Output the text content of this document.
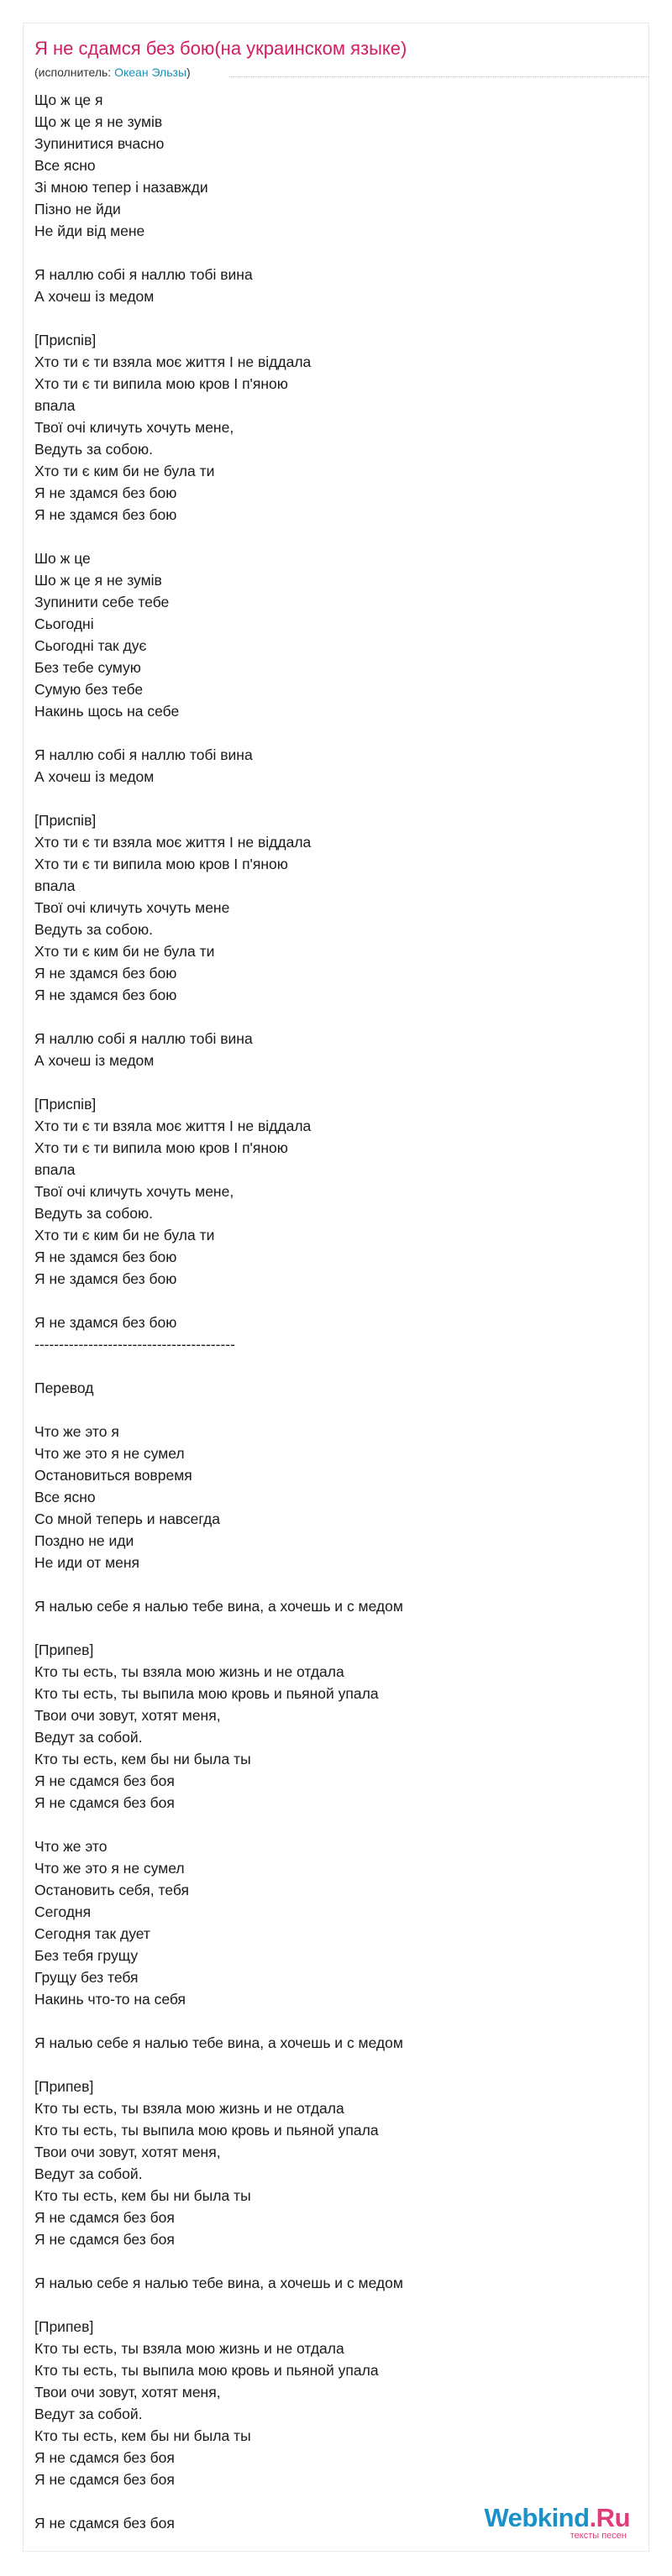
Я не сдамся без бою(на украинском языке)
(исполнитель: Океан Эльзы)
Що ж це я
Що ж це я не зумів
Зупинитися вчасно
Все ясно
Зі мною тепер і назавжди
Пізно не йди
Не йди від мене

Я наллю собі я наллю тобі вина
А хочеш із медом

[Приспів]
Хто ти є ти взяла моє життя І не віддала
Хто ти є ти випила мою кров І п'яною
впала
Твої очі кличуть хочуть мене,
Ведуть за собою.
Хто ти є ким би не була ти
Я не здамся без бою
Я не здамся без бою

Шо ж це
Шо ж це я не зумів
Зупинити себе тебе
Сьогодні
Сьогодні так дує
Без тебе сумую
Сумую без тебе
Накинь щось на себе

Я наллю собі я наллю тобі вина
А хочеш із медом

[Приспів]
Хто ти є ти взяла моє життя І не віддала
Хто ти є ти випила мою кров І п'яною
впала
Твої очі кличуть хочуть мене
Ведуть за собою.
Хто ти є ким би не була ти
Я не здамся без бою
Я не здамся без бою

Я наллю собі я наллю тобі вина
А хочеш із медом

[Приспів]
Хто ти є ти взяла моє життя І не віддала
Хто ти є ти випила мою кров І п'яною
впала
Твої очі кличуть хочуть мене,
Ведуть за собою.
Хто ти є ким би не була ти
Я не здамся без бою
Я не здамся без бою

Я не здамся без бою
-----------------------------------------

Перевод

Что же это я
Что же это я не сумел
Остановиться вовремя
Все ясно
Со мной теперь и навсегда
Поздно не иди
Не иди от меня

Я налью себе я налью тебе вина, а хочешь и с медом

[Припев]
Кто ты есть, ты взяла мою жизнь и не отдала
Кто ты есть, ты выпила мою кровь и пьяной упала
Твои очи зовут, хотят меня,
Ведут за собой.
Кто ты есть, кем бы ни была ты
Я не сдамся без боя
Я не сдамся без боя

Что же это
Что же это я не сумел
Остановить себя, тебя
Сегодня
Сегодня так дует
Без тебя грущу
Грущу без тебя
Накинь что-то на себя

Я налью себе я налью тебе вина, а хочешь и с медом

[Припев]
Кто ты есть, ты взяла мою жизнь и не отдала
Кто ты есть, ты выпила мою кровь и пьяной упала
Твои очи зовут, хотят меня,
Ведут за собой.
Кто ты есть, кем бы ни была ты
Я не сдамся без боя
Я не сдамся без боя

Я налью себе я налью тебе вина, а хочешь и с медом

[Припев]
Кто ты есть, ты взяла мою жизнь и не отдала
Кто ты есть, ты выпила мою кровь и пьяной упала
Твои очи зовут, хотят меня,
Ведут за собой.
Кто ты есть, кем бы ни была ты
Я не сдамся без боя
Я не сдамся без боя

Я не сдамся без боя	Webkind.Ru
тексты песен
